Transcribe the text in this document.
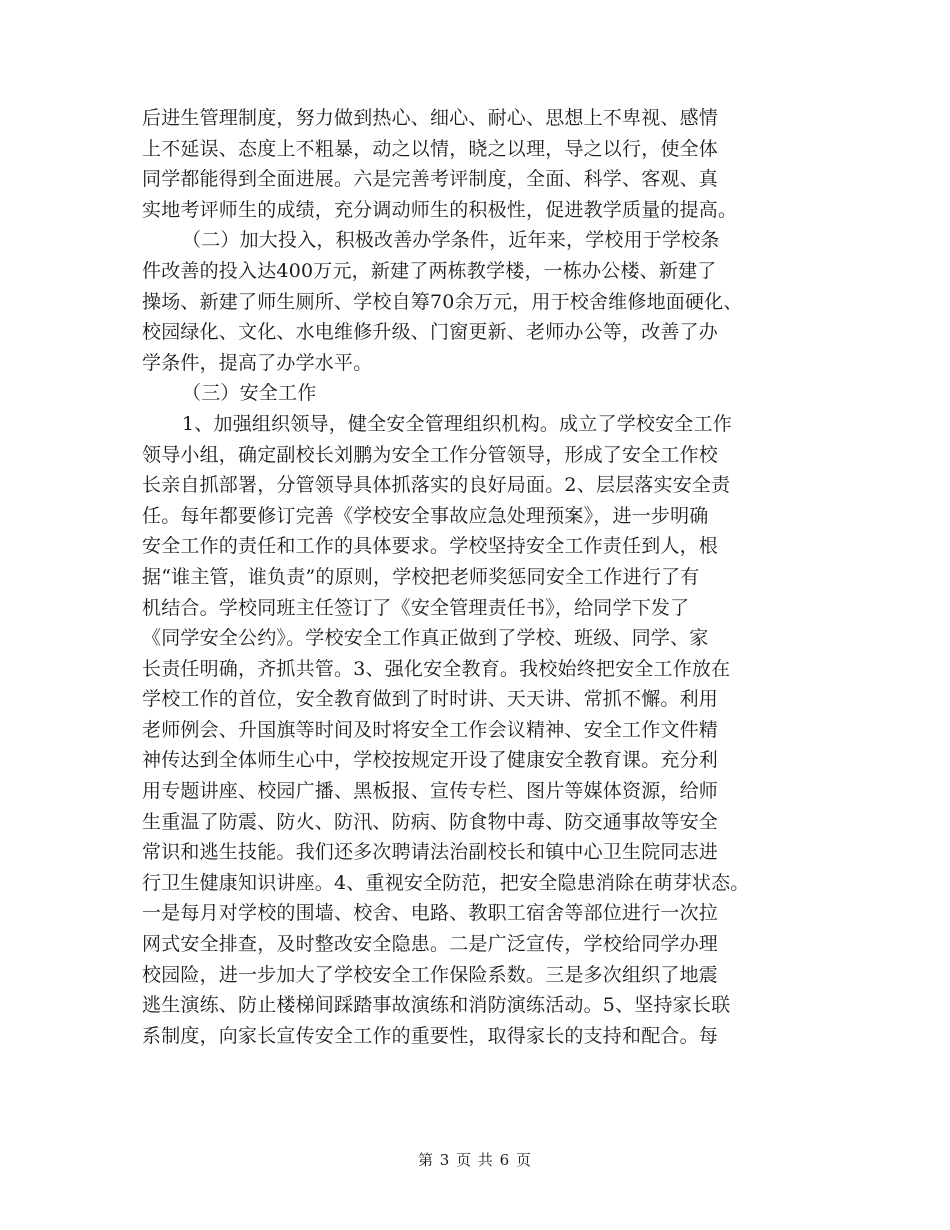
后进生管理制度，努力做到热心、细心、耐心、思想上不卑视、感情
上不延误、态度上不粗暴，动之以情，晓之以理，导之以行，使全体
同学都能得到全面进展。六是完善考评制度，全面、科学、客观、真
实地考评师生的成绩，充分调动师生的积极性，促进教学质量的提高。
（二）加大投入，积极改善办学条件，近年来，学校用于学校条
件改善的投入达400万元，新建了两栋教学楼，一栋办公楼、新建了
操场、新建了师生厕所、学校自筹70余万元，用于校舍维修地面硬化、
校园绿化、文化、水电维修升级、门窗更新、老师办公等，改善了办
学条件，提高了办学水平。
（三）安全工作
1、加强组织领导，健全安全管理组织机构。成立了学校安全工作
领导小组，确定副校长刘鹏为安全工作分管领导，形成了安全工作校
长亲自抓部署，分管领导具体抓落实的良好局面。2、层层落实安全责
任。每年都要修订完善《学校安全事故应急处理预案》，进一步明确
安全工作的责任和工作的具体要求。学校坚持安全工作责任到人，根
据“谁主管，谁负责”的原则，学校把老师奖惩同安全工作进行了有
机结合。学校同班主任签订了《安全管理责任书》，给同学下发了
《同学安全公约》。学校安全工作真正做到了学校、班级、同学、家
长责任明确，齐抓共管。3、强化安全教育。我校始终把安全工作放在
学校工作的首位，安全教育做到了时时讲、天天讲、常抓不懈。利用
老师例会、升国旗等时间及时将安全工作会议精神、安全工作文件精
神传达到全体师生心中，学校按规定开设了健康安全教育课。充分利
用专题讲座、校园广播、黑板报、宣传专栏、图片等媒体资源，给师
生重温了防震、防火、防汛、防病、防食物中毒、防交通事故等安全
常识和逃生技能。我们还多次聘请法治副校长和镇中心卫生院同志进
行卫生健康知识讲座。4、重视安全防范，把安全隐患消除在萌芽状态。
一是每月对学校的围墙、校舍、电路、教职工宿舍等部位进行一次拉
网式安全排查，及时整改安全隐患。二是广泛宣传，学校给同学办理
校园险，进一步加大了学校安全工作保险系数。三是多次组织了地震
逃生演练、防止楼梯间踩踏事故演练和消防演练活动。5、坚持家长联
系制度，向家长宣传安全工作的重要性，取得家长的支持和配合。每
第 3 页 共 6 页
